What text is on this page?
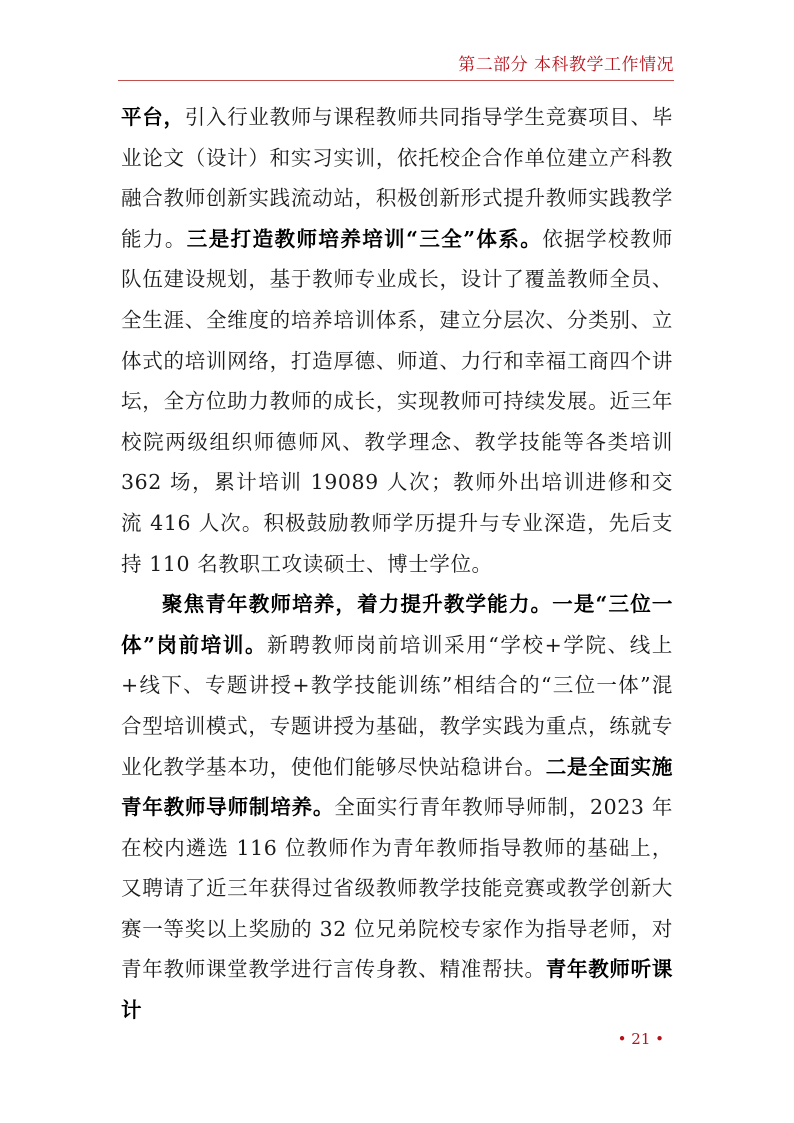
第二部分 本科教学工作情况

平台，引入行业教师与课程教师共同指导学生竞赛项目、毕业论文（设计）和实习实训，依托校企合作单位建立产科教融合教师创新实践流动站，积极创新形式提升教师实践教学能力。三是打造教师培养培训“三全”体系。依据学校教师队伍建设规划，基于教师专业成长，设计了覆盖教师全员、全生涯、全维度的培养培训体系，建立分层次、分类别、立体式的培训网络，打造厚德、师道、力行和幸福工商四个讲坛，全方位助力教师的成长，实现教师可持续发展。近三年校院两级组织师德师风、教学理念、教学技能等各类培训 362 场，累计培训 19089 人次；教师外出培训进修和交流 416 人次。积极鼓励教师学历提升与专业深造，先后支持 110 名教职工攻读硕士、博士学位。

聚焦青年教师培养，着力提升教学能力。一是“三位一体”岗前培训。新聘教师岗前培训采用“学校+学院、线上+线下、专题讲授+教学技能训练”相结合的“三位一体”混合型培训模式，专题讲授为基础，教学实践为重点，练就专业化教学基本功，使他们能够尽快站稳讲台。二是全面实施青年教师导师制培养。全面实行青年教师导师制，2023 年在校内遴选 116 位教师作为青年教师指导教师的基础上，又聘请了近三年获得过省级教师教学技能竞赛或教学创新大赛一等奖以上奖励的 32 位兄弟院校专家作为指导老师，对青年教师课堂教学进行言传身教、精准帮扶。青年教师听课计

• 21 •
